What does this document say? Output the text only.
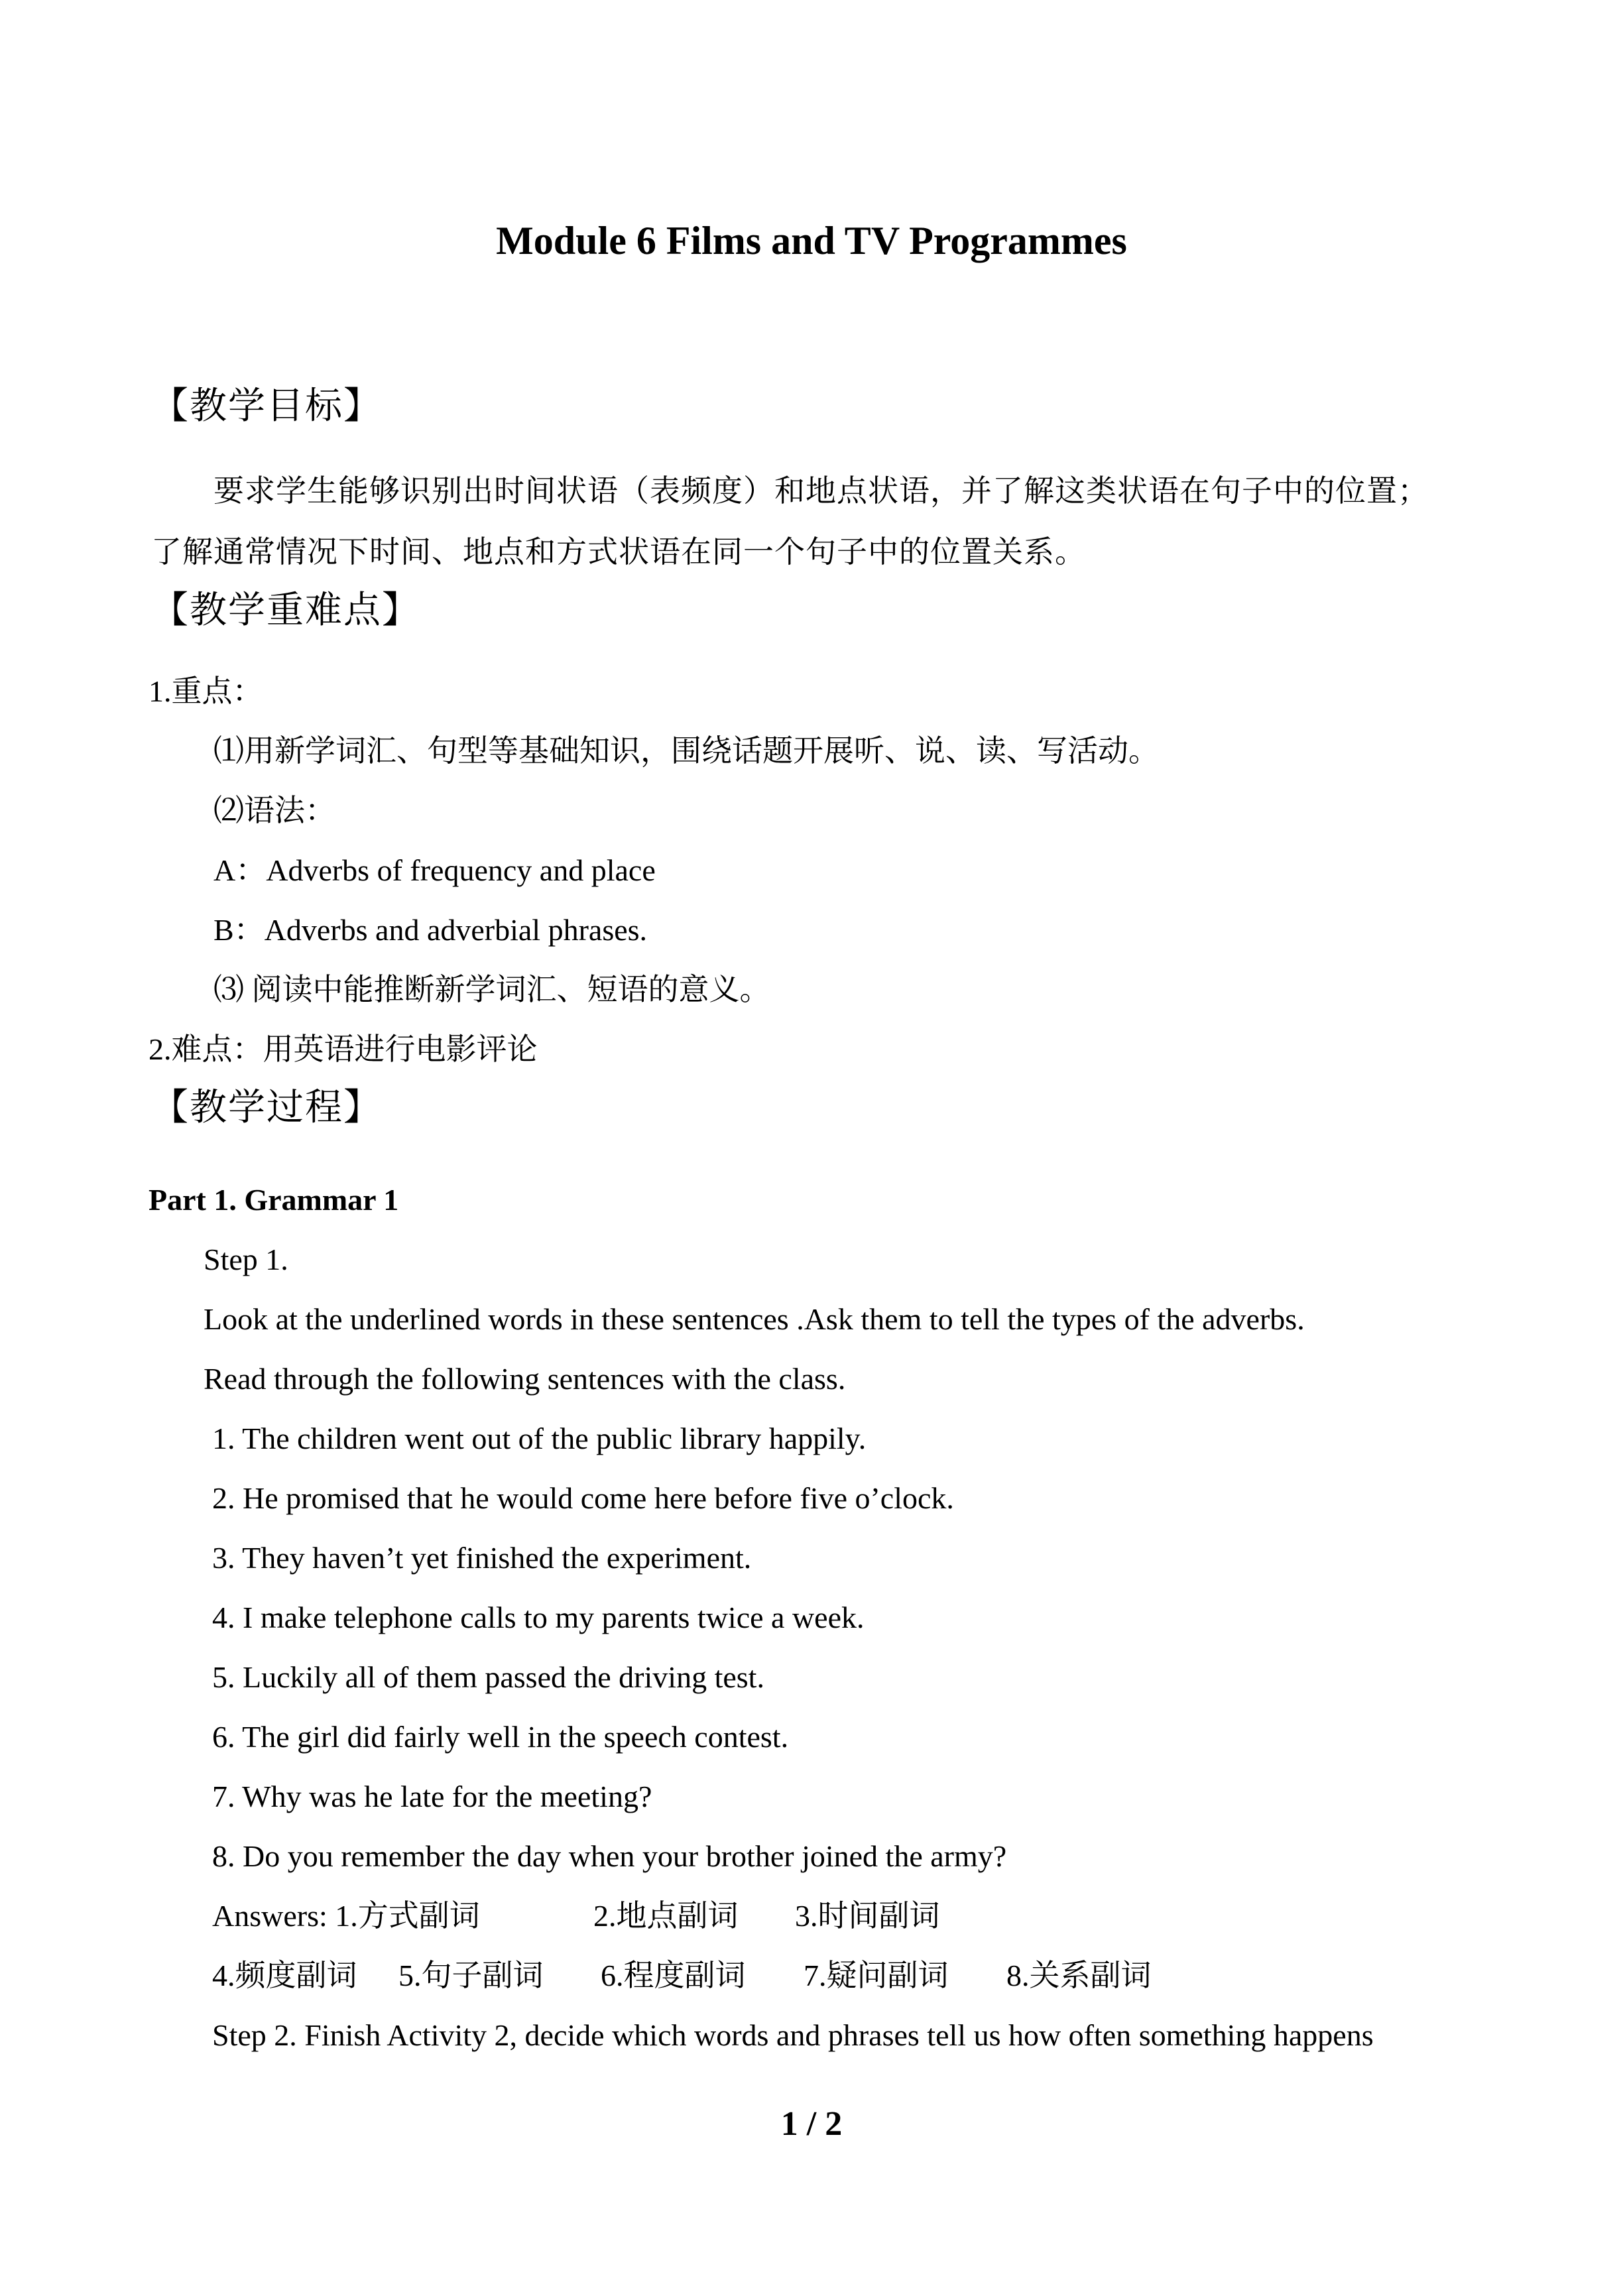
Module 6 Films and TV Programmes
【教学目标】
要求学生能够识别出时间状语（表频度）和地点状语，并了解这类状语在句子中的位置；
了解通常情况下时间、地点和方式状语在同一个句子中的位置关系。
【教学重难点】
1.重点：
⑴用新学词汇、句型等基础知识，围绕话题开展听、说、读、写活动。
⑵语法：
A：Adverbs of frequency and place
B：Adverbs and adverbial phrases.
⑶ 阅读中能推断新学词汇、短语的意义。
2.难点：用英语进行电影评论
【教学过程】
Part 1. Grammar 1
Step 1.
Look at the underlined words in these sentences .Ask them to tell the types of the adverbs.
Read through the following sentences with the class.
1. The children went out of the public library happily.
2. He promised that he would come here before five o’clock.
3. They haven’t yet finished the experiment.
4. I make telephone calls to my parents twice a week.
5. Luckily all of them passed the driving test.
6. The girl did fairly well in the speech contest.
7. Why was he late for the meeting?
8. Do you remember the day when your brother joined the army?
Answers: 1.方式副词	2.地点副词 3.时间副词
4.频度副词 5.句子副词 6.程度副词 7.疑问副词 8.关系副词
Step 2. Finish Activity 2, decide which words and phrases tell us how often something happens
1 / 2
